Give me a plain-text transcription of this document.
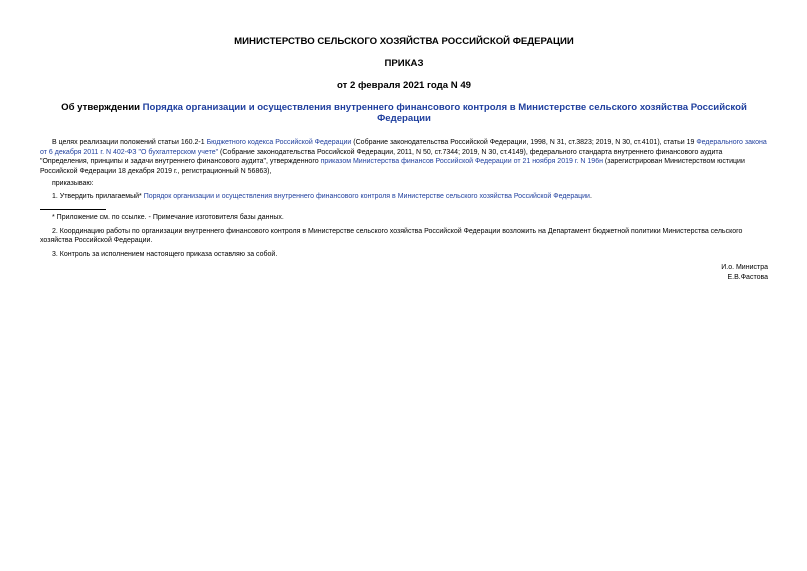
МИНИСТЕРСТВО СЕЛЬСКОГО ХОЗЯЙСТВА РОССИЙСКОЙ ФЕДЕРАЦИИ
ПРИКАЗ
от 2 февраля 2021 года N 49
Об утверждении Порядка организации и осуществления внутреннего финансового контроля в Министерстве сельского хозяйства Российской Федерации

В целях реализации положений статьи 160.2-1 Бюджетного кодекса Российской Федерации (Собрание законодательства Российской Федерации, 1998, N 31, ст.3823; 2019, N 30, ст.4101), статьи 19 Федерального закона от 6 декабря 2011 г. N 402-ФЗ "О бухгалтерском учете" (Собрание законодательства Российской Федерации, 2011, N 50, ст.7344; 2019, N 30, ст.4149), федерального стандарта внутреннего финансового аудита "Определения, принципы и задачи внутреннего финансового аудита", утвержденного приказом Министерства финансов Российской Федерации от 21 ноября 2019 г. N 196н (зарегистрирован Министерством юстиции Российской Федерации 18 декабря 2019 г., регистрационный N 56863),

приказываю:

1. Утвердить прилагаемый* Порядок организации и осуществления внутреннего финансового контроля в Министерстве сельского хозяйства Российской Федерации.

* Приложение см. по ссылке. - Примечание изготовителя базы данных.

2. Координацию работы по организации внутреннего финансового контроля в Министерстве сельского хозяйства Российской Федерации возложить на Департамент бюджетной политики Министерства сельского хозяйства Российской Федерации.

3. Контроль за исполнением настоящего приказа оставляю за собой.

И.о. Министра
Е.В.Фастова
